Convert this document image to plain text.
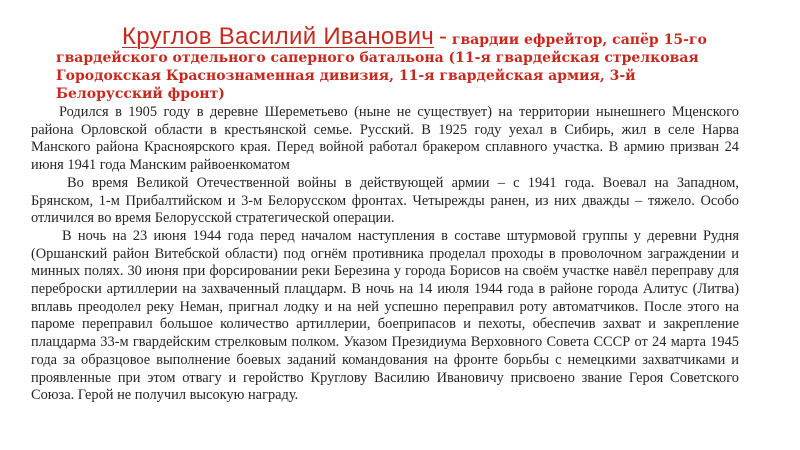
Круглов Василий Иванович - гвардии ефрейтор, сапёр 15-го гвардейского отдельного саперного батальона (11-я гвардейская стрелковая Городокская Краснознаменная дивизия, 11-я гвардейская армия, 3-й Белорусский фронт)

Родился в 1905 году в деревне Шереметьево (ныне не существует) на территории нынешнего Мценского района Орловской области в крестьянской семье. Русский. В 1925 году уехал в Сибирь, жил в селе Нарва Манского района Красноярского края. Перед войной работал бракером сплавного участка. В армию призван 24 июня 1941 года Манским райвоенкоматом

Во время Великой Отечественной войны в действующей армии – с 1941 года. Воевал на Западном, Брянском, 1-м Прибалтийском и 3-м Белорусском фронтах. Четырежды ранен, из них дважды – тяжело. Особо отличился во время Белорусской стратегической операции.

В ночь на 23 июня 1944 года перед началом наступления в составе штурмовой группы у деревни Рудня (Оршанский район Витебской области) под огнём противника проделал проходы в проволочном заграждении и минных полях. 30 июня при форсировании реки Березина у города Борисов на своём участке навёл переправу для переброски артиллерии на захваченный плацдарм. В ночь на 14 июля 1944 года в районе города Алитус (Литва) вплавь преодолел реку Неман, пригнал лодку и на ней успешно переправил роту автоматчиков. После этого на пароме переправил большое количество артиллерии, боеприпасов и пехоты, обеспечив захват и закрепление плацдарма 33-м гвардейским стрелковым полком. Указом Президиума Верховного Совета СССР от 24 марта 1945 года за образцовое выполнение боевых заданий командования на фронте борьбы с немецкими захватчиками и проявленные при этом отвагу и геройство Круглову Василию Ивановичу присвоено звание Героя Советского Союза. Герой не получил высокую награду.
